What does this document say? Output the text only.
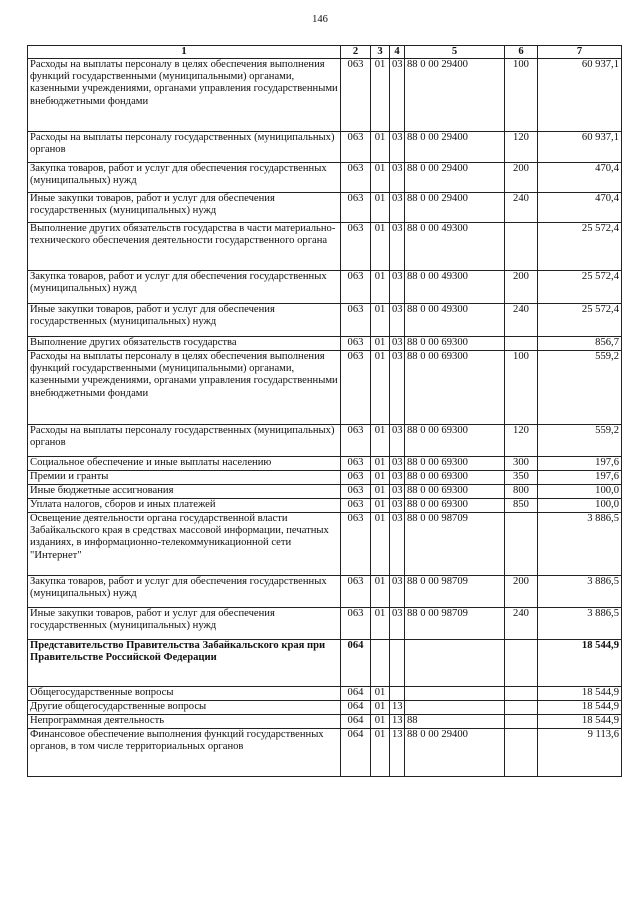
146
1	2	3	4	5	6	7
Расходы на выплаты персоналу в целях обеспечения выполнения функций государственными (муниципальными) органами, казенными учреждениями, органами управления государственными внебюджетными фондами	063	01	03	88 0 00 29400	100	60 937,1
Расходы на выплаты персоналу государственных (муниципальных) органов	063	01	03	88 0 00 29400	120	60 937,1
Закупка товаров, работ и услуг для обеспечения государственных (муниципальных) нужд	063	01	03	88 0 00 29400	200	470,4
Иные закупки товаров, работ и услуг для обеспечения государственных (муниципальных) нужд	063	01	03	88 0 00 29400	240	470,4
Выполнение других обязательств государства в части материально-технического обеспечения деятельности государственного органа	063	01	03	88 0 00 49300		25 572,4
Закупка товаров, работ и услуг для обеспечения государственных (муниципальных) нужд	063	01	03	88 0 00 49300	200	25 572,4
Иные закупки товаров, работ и услуг для обеспечения государственных (муниципальных) нужд	063	01	03	88 0 00 49300	240	25 572,4
Выполнение других обязательств государства	063	01	03	88 0 00 69300		856,7
Расходы на выплаты персоналу в целях обеспечения выполнения функций государственными (муниципальными) органами, казенными учреждениями, органами управления государственными внебюджетными фондами	063	01	03	88 0 00 69300	100	559,2
Расходы на выплаты персоналу государственных (муниципальных) органов	063	01	03	88 0 00 69300	120	559,2
Социальное обеспечение и иные выплаты населению	063	01	03	88 0 00 69300	300	197,6
Премии и гранты	063	01	03	88 0 00 69300	350	197,6
Иные бюджетные ассигнования	063	01	03	88 0 00 69300	800	100,0
Уплата налогов, сборов и иных платежей	063	01	03	88 0 00 69300	850	100,0
Освещение деятельности органа государственной власти Забайкальского края в средствах массовой информации, печатных изданиях, в информационно-телекоммуникационной сети "Интернет"	063	01	03	88 0 00 98709		3 886,5
Закупка товаров, работ и услуг для обеспечения государственных (муниципальных) нужд	063	01	03	88 0 00 98709	200	3 886,5
Иные закупки товаров, работ и услуг для обеспечения государственных (муниципальных) нужд	063	01	03	88 0 00 98709	240	3 886,5
Представительство Правительства Забайкальского края при Правительстве Российской Федерации	064					18 544,9
Общегосударственные вопросы	064	01				18 544,9
Другие общегосударственные вопросы	064	01	13			18 544,9
Непрограммная деятельность	064	01	13	88		18 544,9
Финансовое обеспечение выполнения функций государственных органов, в том числе территориальных органов	064	01	13	88 0 00 29400		9 113,6
